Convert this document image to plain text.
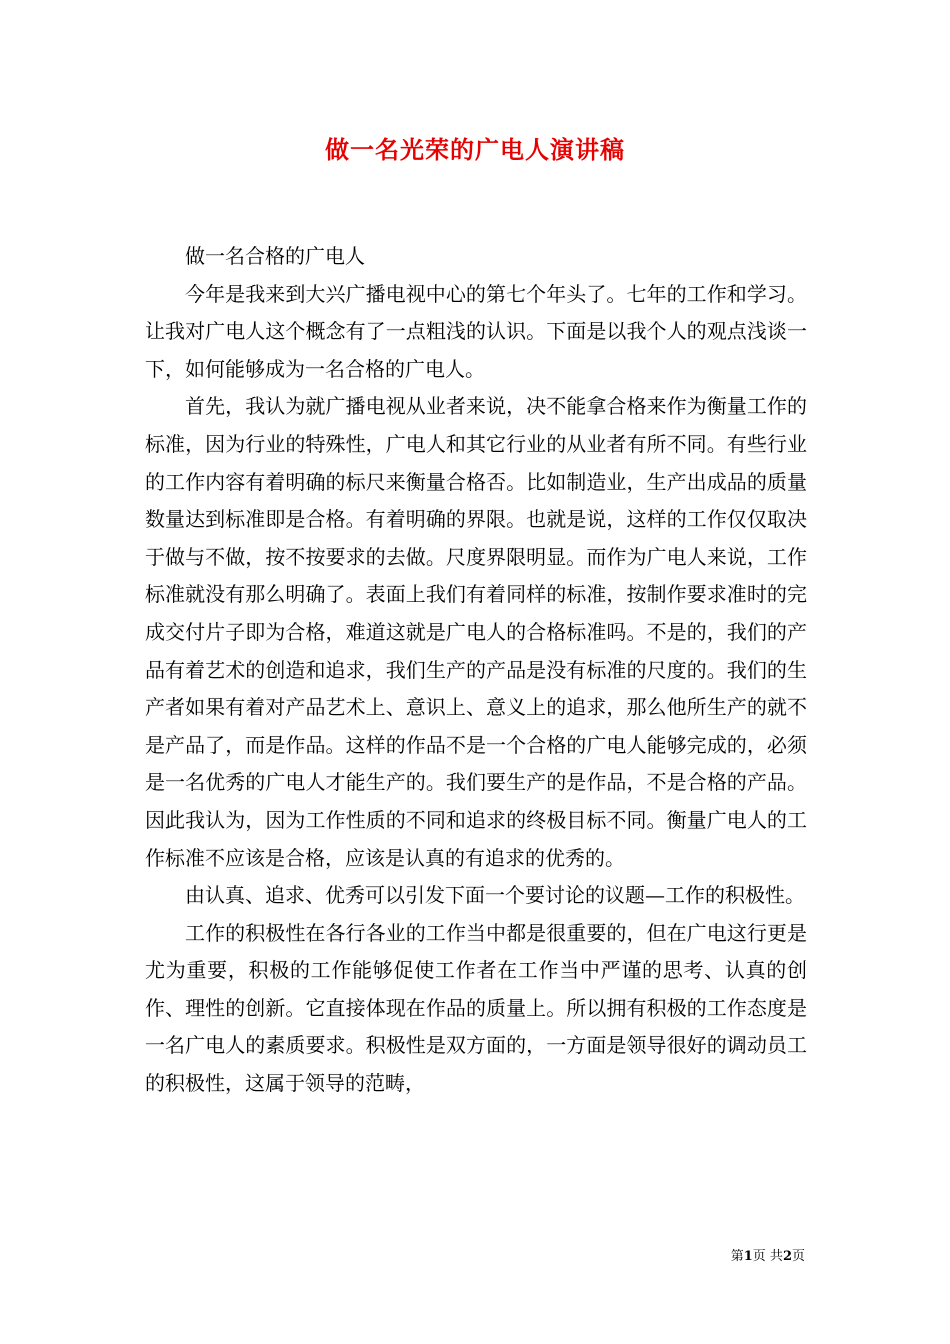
做一名光荣的广电人演讲稿

做一名合格的广电人

今年是我来到大兴广播电视中心的第七个年头了。七年的工作和学习。让我对广电人这个概念有了一点粗浅的认识。下面是以我个人的观点浅谈一下，如何能够成为一名合格的广电人。

首先，我认为就广播电视从业者来说，决不能拿合格来作为衡量工作的标准，因为行业的特殊性，广电人和其它行业的从业者有所不同。有些行业的工作内容有着明确的标尺来衡量合格否。比如制造业，生产出成品的质量数量达到标准即是合格。有着明确的界限。也就是说，这样的工作仅仅取决于做与不做，按不按要求的去做。尺度界限明显。而作为广电人来说，工作标准就没有那么明确了。表面上我们有着同样的标准，按制作要求准时的完成交付片子即为合格，难道这就是广电人的合格标准吗。不是的，我们的产品有着艺术的创造和追求，我们生产的产品是没有标准的尺度的。我们的生产者如果有着对产品艺术上、意识上、意义上的追求，那么他所生产的就不是产品了，而是作品。这样的作品不是一个合格的广电人能够完成的，必须是一名优秀的广电人才能生产的。我们要生产的是作品，不是合格的产品。因此我认为，因为工作性质的不同和追求的终极目标不同。衡量广电人的工作标准不应该是合格，应该是认真的有追求的优秀的。

由认真、追求、优秀可以引发下面一个要讨论的议题—工作的积极性。

工作的积极性在各行各业的工作当中都是很重要的，但在广电这行更是尤为重要，积极的工作能够促使工作者在工作当中严谨的思考、认真的创作、理性的创新。它直接体现在作品的质量上。所以拥有积极的工作态度是一名广电人的素质要求。积极性是双方面的，一方面是领导很好的调动员工的积极性，这属于领导的范畴，

第1页 共2页
